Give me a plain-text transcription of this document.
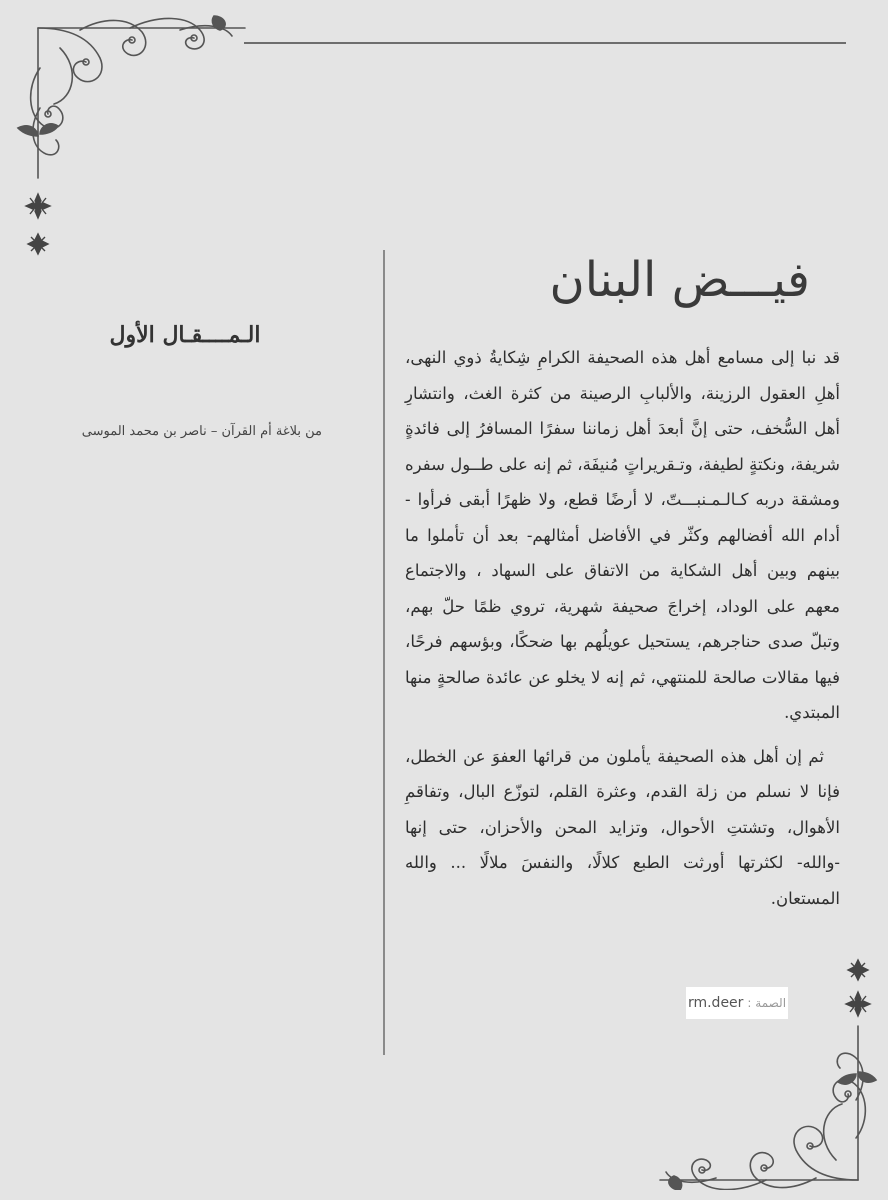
فيـــض البنان
الـمــــقـال الأول
من بلاغة أم القرآن – ناصر بن محمد الموسى

قد نبا إلى مسامع أهل هذه الصحيفة الكرامِ شِكايةُ ذوي النهى، أهلِ العقول الرزينة، والألبابِ الرصينة من كثرة الغث، وانتشارِ أهل السُّخف، حتى إنَّ أبعدَ أهل زماننا سفرًا المسافرُ إلى فائدةٍ شريفة، ونكتةٍ لطيفة، وتـقريراتٍ مُنيفَة، ثم إنه على طــول سفره ومشقة دربه كـالـمـنبـــتّ، لا أرضًا قطع، ولا ظهرًا أبقى فرأوا - أدام الله أفضالهم وكثّر في الأفاضل أمثالهم- بعد أن تأملوا ما بينهم وبين أهل الشكاية من الاتفاق على السهاد ، والاجتماع معهم على الوداد، إخراجَ صحيفة شهرية، تروي ظمًا حلّ بهم، وتبلّ صدى حناجرهم، يستحيل عويلُهم بها ضحكًا، وبؤسهم فرحًا، فيها مقالات صالحة للمنتهي، ثم إنه لا يخلو عن عائدة صالحةٍ منها المبتدي.

ثم إن أهل هذه الصحيفة يأملون من قرائها العفوَ عن الخطل، فإنا لا نسلم من زلة القدم، وعثرة القلم، لتوزّع البال، وتفاقمِ الأهوال، وتشتتِ الأحوال، وتزايد المحن والأحزان، حتى إنها -والله- لكثرتها أورثت الطبع كلالًا، والنفسَ ملالًا ... والله المستعان.

الصمة :
rm.deer
